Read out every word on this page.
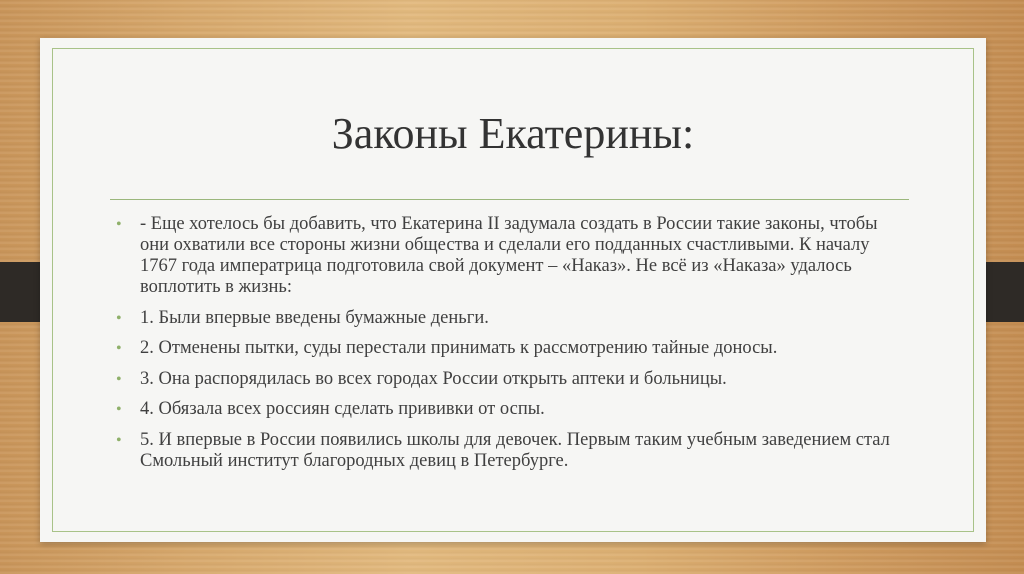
Законы Екатерины:
• - Еще хотелось бы добавить, что Екатерина II задумала создать в России такие законы, чтобы они охватили все стороны жизни общества и сделали его подданных счастливыми. К началу 1767 года императрица подготовила свой документ – «Наказ». Не всё из «Наказа» удалось воплотить в жизнь:
• 1. Были впервые введены бумажные деньги.
• 2. Отменены пытки, суды перестали принимать к рассмотрению тайные доносы.
• 3. Она распорядилась во всех городах России открыть аптеки и больницы.
• 4. Обязала всех россиян сделать прививки от оспы.
• 5. И впервые в России появились школы для девочек. Первым таким учебным заведением стал Смольный институт благородных девиц в Петербурге.
